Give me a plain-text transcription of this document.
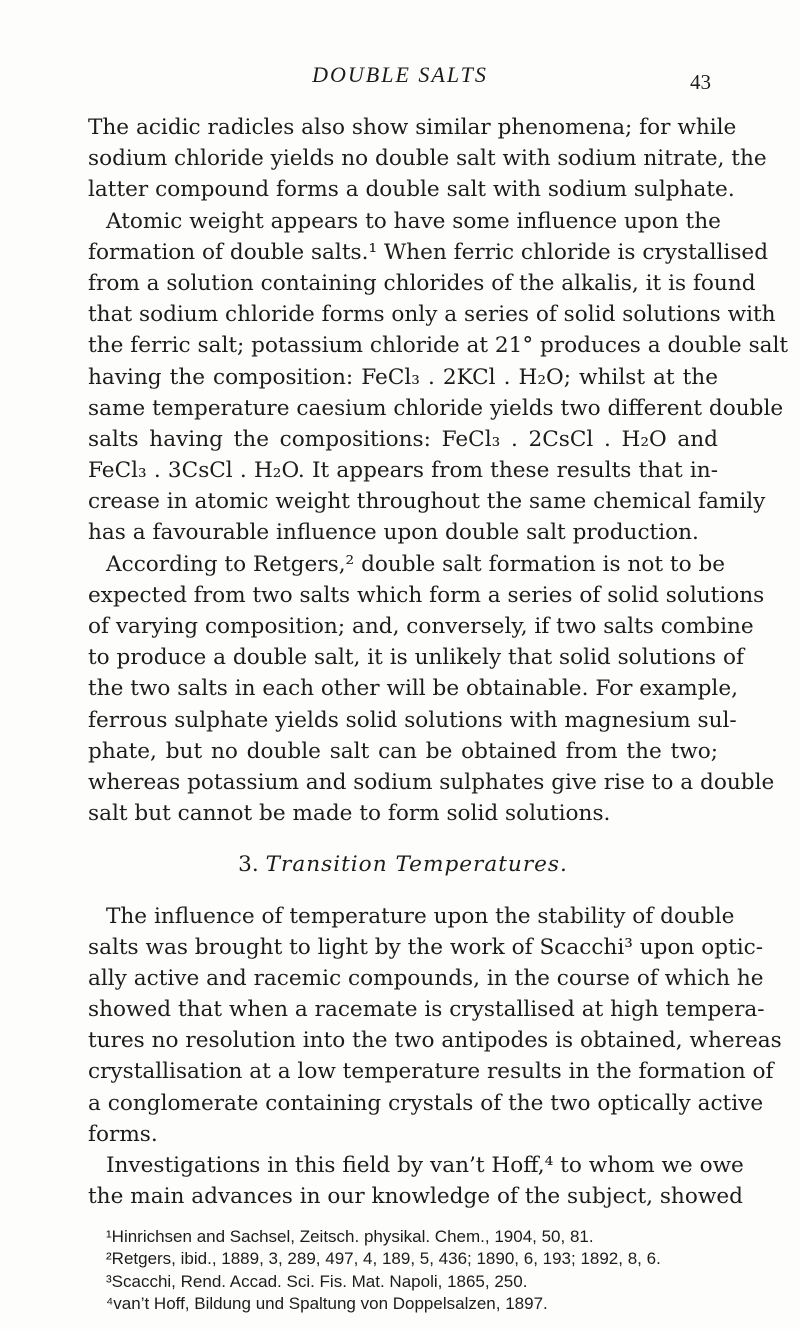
DOUBLE SALTS	43
The acidic radicles also show similar phenomena; for while
sodium chloride yields no double salt with sodium nitrate, the
latter compound forms a double salt with sodium sulphate.
Atomic weight appears to have some influence upon the
formation of double salts.¹ When ferric chloride is crystallised
from a solution containing chlorides of the alkalis, it is found
that sodium chloride forms only a series of solid solutions with
the ferric salt; potassium chloride at 21° produces a double salt
having the composition: FeCl₃ . 2KCl . H₂O; whilst at the
same temperature caesium chloride yields two different double
salts having the compositions: FeCl₃ . 2CsCl . H₂O and
FeCl₃ . 3CsCl . H₂O. It appears from these results that in-
crease in atomic weight throughout the same chemical family
has a favourable influence upon double salt production.
According to Retgers,² double salt formation is not to be
expected from two salts which form a series of solid solutions
of varying composition; and, conversely, if two salts combine
to produce a double salt, it is unlikely that solid solutions of
the two salts in each other will be obtainable. For example,
ferrous sulphate yields solid solutions with magnesium sul-
phate, but no double salt can be obtained from the two;
whereas potassium and sodium sulphates give rise to a double
salt but cannot be made to form solid solutions.
3. Transition Temperatures.
The influence of temperature upon the stability of double
salts was brought to light by the work of Scacchi³ upon optic-
ally active and racemic compounds, in the course of which he
showed that when a racemate is crystallised at high tempera-
tures no resolution into the two antipodes is obtained, whereas
crystallisation at a low temperature results in the formation of
a conglomerate containing crystals of the two optically active
forms.
Investigations in this field by van’t Hoff,⁴ to whom we owe
the main advances in our knowledge of the subject, showed
¹Hinrichsen and Sachsel, Zeitsch. physikal. Chem., 1904, 50, 81.
²Retgers, ibid., 1889, 3, 289, 497, 4, 189, 5, 436; 1890, 6, 193; 1892, 8, 6.
³Scacchi, Rend. Accad. Sci. Fis. Mat. Napoli, 1865, 250.
⁴van’t Hoff, Bildung und Spaltung von Doppelsalzen, 1897.
